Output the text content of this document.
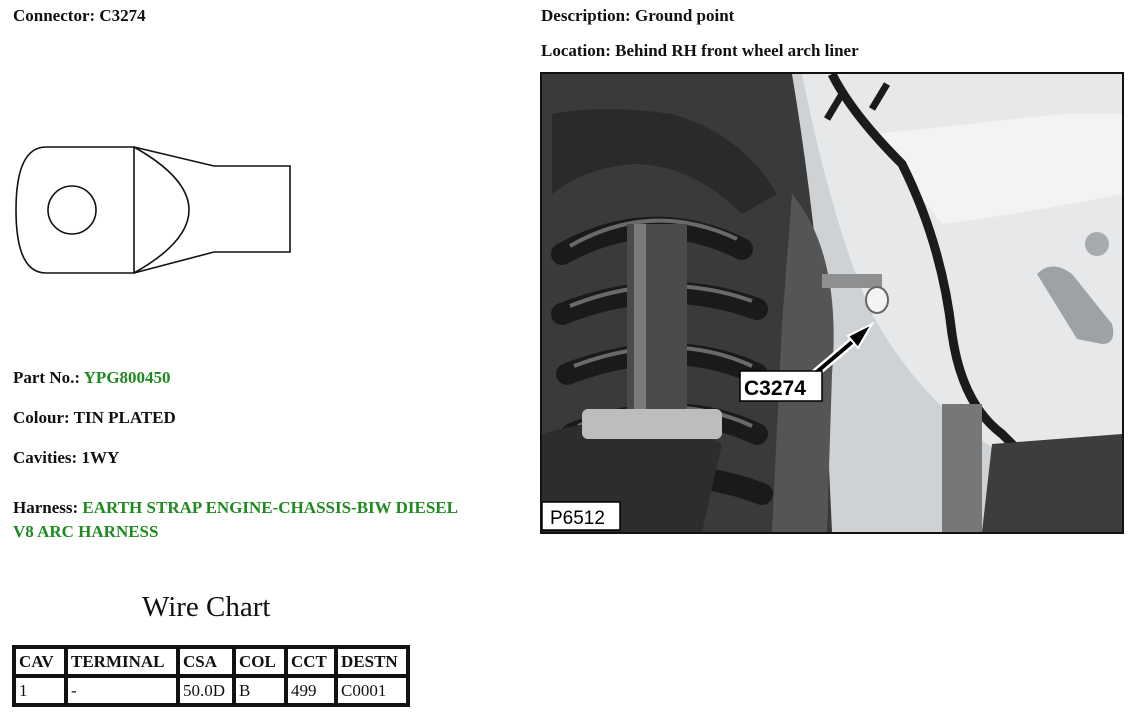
Connector: C3274
Part No.: YPG800450
Colour: TIN PLATED
Cavities: 1WY
Harness: EARTH STRAP ENGINE-CHASSIS-BIW DIESEL
V8 ARC HARNESS
Wire Chart
CAV	TERMINAL	CSA	COL	CCT	DESTN
1	-	50.0D	B	499	C0001
Description: Ground point
Location: Behind RH front wheel arch liner
C3274
P6512
